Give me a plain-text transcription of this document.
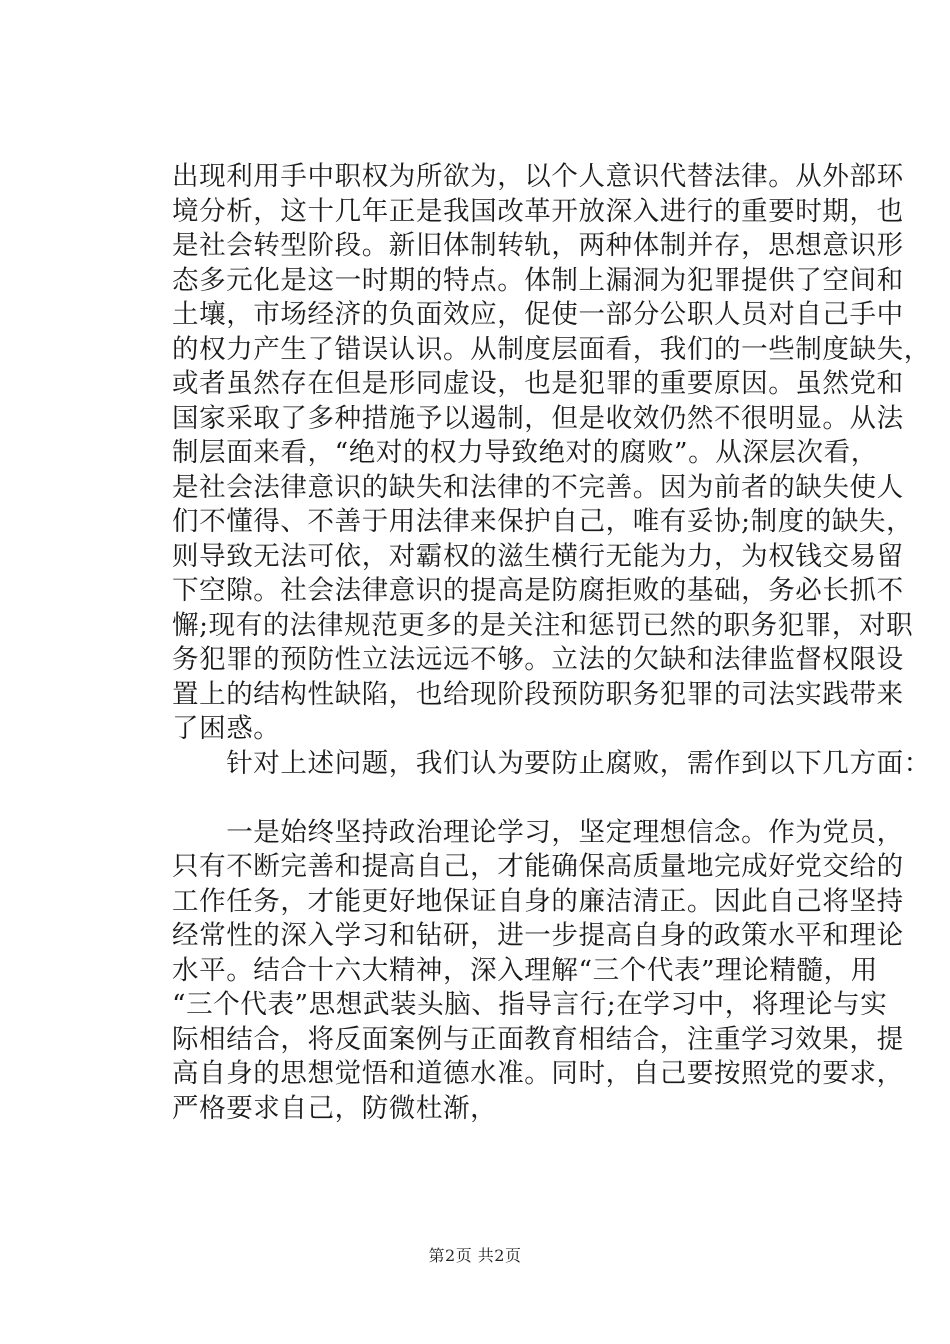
出现利用手中职权为所欲为，以个人意识代替法律。从外部环
境分析，这十几年正是我国改革开放深入进行的重要时期，也
是社会转型阶段。新旧体制转轨，两种体制并存，思想意识形
态多元化是这一时期的特点。体制上漏洞为犯罪提供了空间和
土壤，市场经济的负面效应，促使一部分公职人员对自己手中
的权力产生了错误认识。从制度层面看，我们的一些制度缺失，
或者虽然存在但是形同虚设，也是犯罪的重要原因。虽然党和
国家采取了多种措施予以遏制，但是收效仍然不很明显。从法
制层面来看，“绝对的权力导致绝对的腐败”。从深层次看，
是社会法律意识的缺失和法律的不完善。因为前者的缺失使人
们不懂得、不善于用法律来保护自己，唯有妥协;制度的缺失，
则导致无法可依，对霸权的滋生横行无能为力，为权钱交易留
下空隙。社会法律意识的提高是防腐拒败的基础，务必长抓不
懈;现有的法律规范更多的是关注和惩罚已然的职务犯罪，对职
务犯罪的预防性立法远远不够。立法的欠缺和法律监督权限设
置上的结构性缺陷，也给现阶段预防职务犯罪的司法实践带来
了困惑。
　　针对上述问题，我们认为要防止腐败，需作到以下几方面：
　　一是始终坚持政治理论学习，坚定理想信念。作为党员，
只有不断完善和提高自己，才能确保高质量地完成好党交给的
工作任务，才能更好地保证自身的廉洁清正。因此自己将坚持
经常性的深入学习和钻研，进一步提高自身的政策水平和理论
水平。结合十六大精神，深入理解“三个代表”理论精髓，用
“三个代表”思想武装头脑、指导言行;在学习中，将理论与实
际相结合，将反面案例与正面教育相结合，注重学习效果，提
高自身的思想觉悟和道德水准。同时，自己要按照党的要求，
严格要求自己，防微杜渐，
第2页 共2页
